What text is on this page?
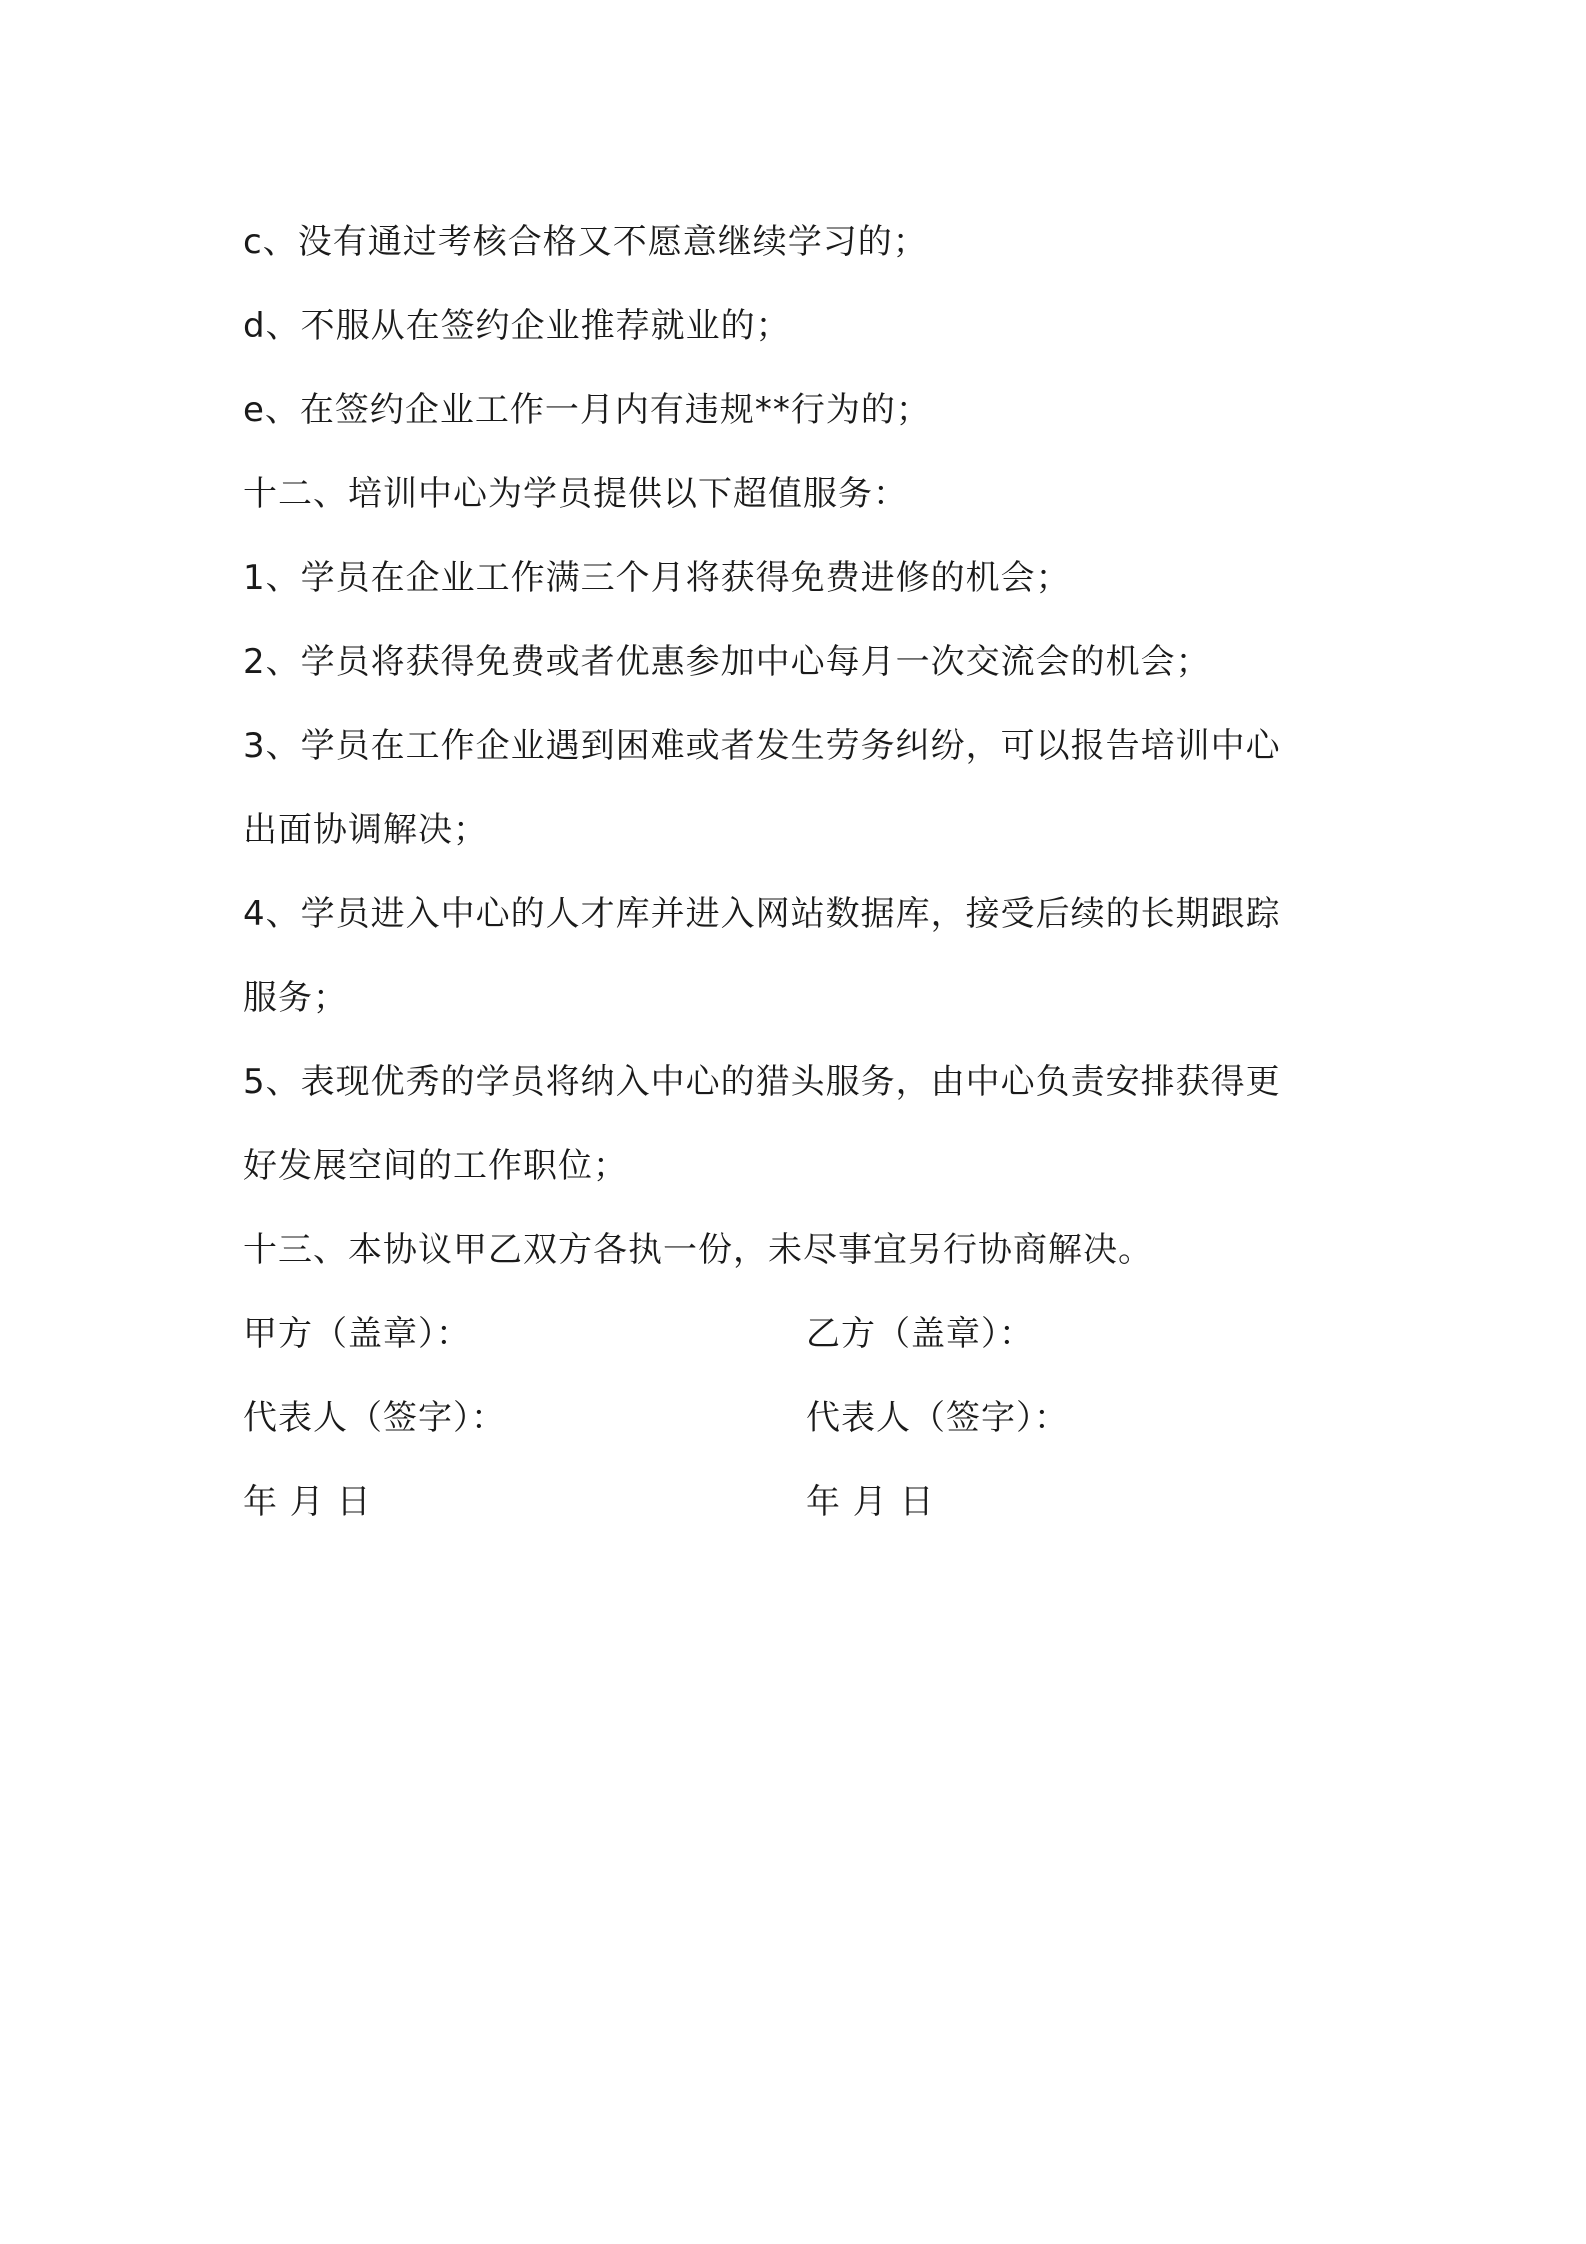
c、没有通过考核合格又不愿意继续学习的；
d、不服从在签约企业推荐就业的；
e、在签约企业工作一月内有违规**行为的；
十二、培训中心为学员提供以下超值服务：
1、学员在企业工作满三个月将获得免费进修的机会；
2、学员将获得免费或者优惠参加中心每月一次交流会的机会；
3、学员在工作企业遇到困难或者发生劳务纠纷，可以报告培训中心
出面协调解决；
4、学员进入中心的人才库并进入网站数据库，接受后续的长期跟踪
服务；
5、表现优秀的学员将纳入中心的猎头服务，由中心负责安排获得更
好发展空间的工作职位；
十三、本协议甲乙双方各执一份，未尽事宜另行协商解决。
甲方（盖章）：	乙方（盖章）：
代表人（签字）：	代表人（签字）：
年 月 日	年 月 日
